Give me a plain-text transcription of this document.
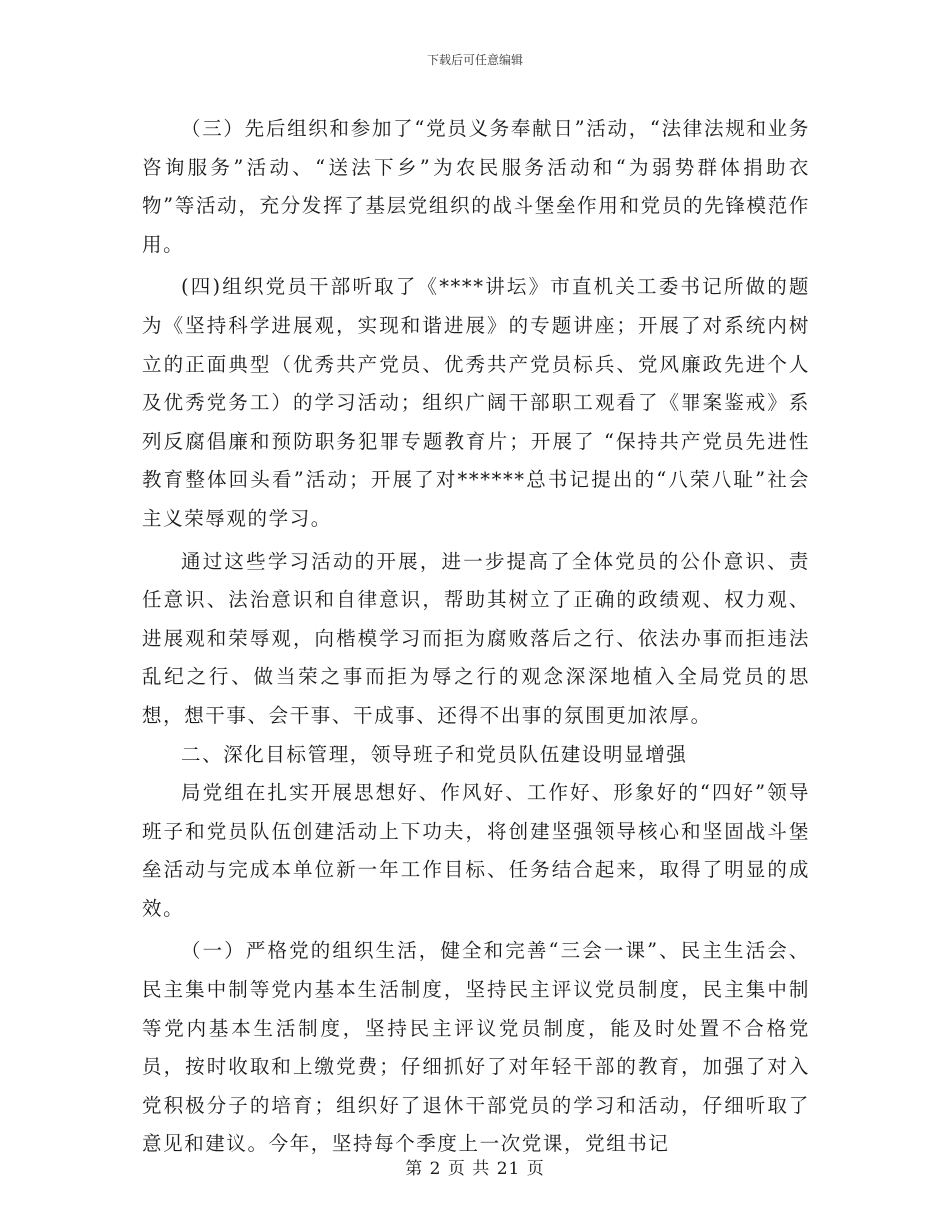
下载后可任意编辑

（三）先后组织和参加了“党员义务奉献日”活动，“法律法规和业务咨询服务”活动、“送法下乡”为农民服务活动和“为弱势群体捐助衣物”等活动，充分发挥了基层党组织的战斗堡垒作用和党员的先锋模范作用。

(四)组织党员干部听取了《****讲坛》市直机关工委书记所做的题为《坚持科学进展观，实现和谐进展》的专题讲座；开展了对系统内树立的正面典型（优秀共产党员、优秀共产党员标兵、党风廉政先进个人及优秀党务工）的学习活动；组织广阔干部职工观看了《罪案鉴戒》系列反腐倡廉和预防职务犯罪专题教育片；开展了 “保持共产党员先进性教育整体回头看”活动；开展了对******总书记提出的“八荣八耻”社会主义荣辱观的学习。

通过这些学习活动的开展，进一步提高了全体党员的公仆意识、责任意识、法治意识和自律意识，帮助其树立了正确的政绩观、权力观、进展观和荣辱观，向楷模学习而拒为腐败落后之行、依法办事而拒违法乱纪之行、做当荣之事而拒为辱之行的观念深深地植入全局党员的思想，想干事、会干事、干成事、还得不出事的氛围更加浓厚。

二、深化目标管理，领导班子和党员队伍建设明显增强

局党组在扎实开展思想好、作风好、工作好、形象好的“四好”领导班子和党员队伍创建活动上下功夫，将创建坚强领导核心和坚固战斗堡垒活动与完成本单位新一年工作目标、任务结合起来，取得了明显的成效。

（一）严格党的组织生活，健全和完善“三会一课”、民主生活会、民主集中制等党内基本生活制度，坚持民主评议党员制度，民主集中制等党内基本生活制度，坚持民主评议党员制度，能及时处置不合格党员，按时收取和上缴党费；仔细抓好了对年轻干部的教育，加强了对入党积极分子的培育；组织好了退休干部党员的学习和活动，仔细听取了意见和建议。今年，坚持每个季度上一次党课，党组书记

第 2 页 共 21 页
